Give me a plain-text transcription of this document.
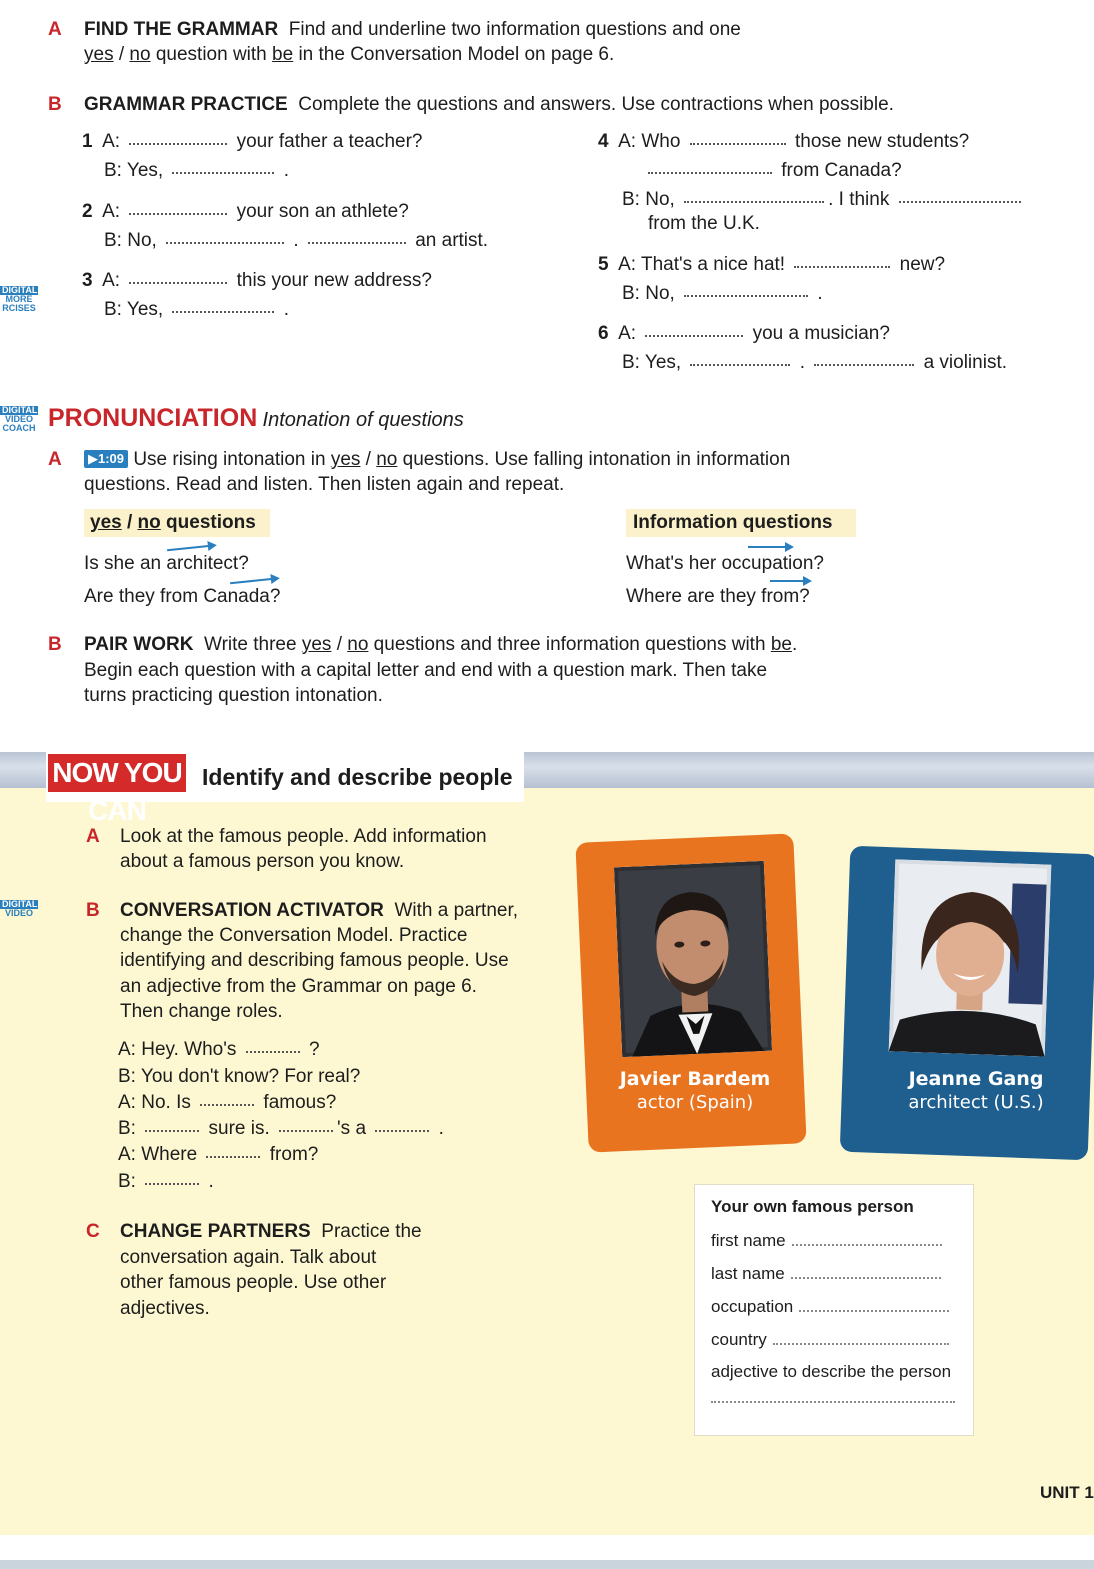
A FIND THE GRAMMAR Find and underline two information questions and one
yes / no question with be in the Conversation Model on page 6.
B GRAMMAR PRACTICE Complete the questions and answers. Use contractions when possible.
1 A:	your father a teacher?
B: Yes,	.
2 A:	your son an athlete?
B: No,	.	an artist.
3 A:	this your new address?
B: Yes,	.
DIGITAL
MORE
RCISES
4 A: Who	those new students?
from Canada?
B: No,	. I think
from the U.K.
5 A: That's a nice hat!	new?
B: No,	.
6 A:	you a musician?
B: Yes,	.	a violinist.
DIGITAL
VIDEO
COACH PRONUNCIATION Intonation of questions
A	▶1:09 Use rising intonation in yes / no questions. Use falling intonation in information
questions. Read and listen. Then listen again and repeat.
yes / no questions	Information questions
Is she an architect?
Are they from Canada?
What's her occupation?
Where are they from?
B PAIR WORK Write three yes / no questions and three information questions with be.
Begin each question with a capital letter and end with a question mark. Then take
turns practicing question intonation.
NOW YOU CAN
Identify and describe people
A Look at the famous people. Add information
about a famous person you know.
DIGITAL
VIDEO	B CONVERSATION ACTIVATOR With a partner,
change the Conversation Model. Practice
identifying and describing famous people. Use
an adjective from the Grammar on page 6.
Then change roles.
A: Hey. Who's	?
B: You don't know? For real?
A: No. Is	famous?
B:	sure is.	's a	.
A: Where	from?
B:	.
C CHANGE PARTNERS Practice the
conversation again. Talk about
other famous people. Use other
adjectives.
Javier Bardem
actor (Spain)
Jeanne Gang
architect (U.S.)
Your own famous person
first name
last name
occupation
country
adjective to describe the person
UNIT 1
